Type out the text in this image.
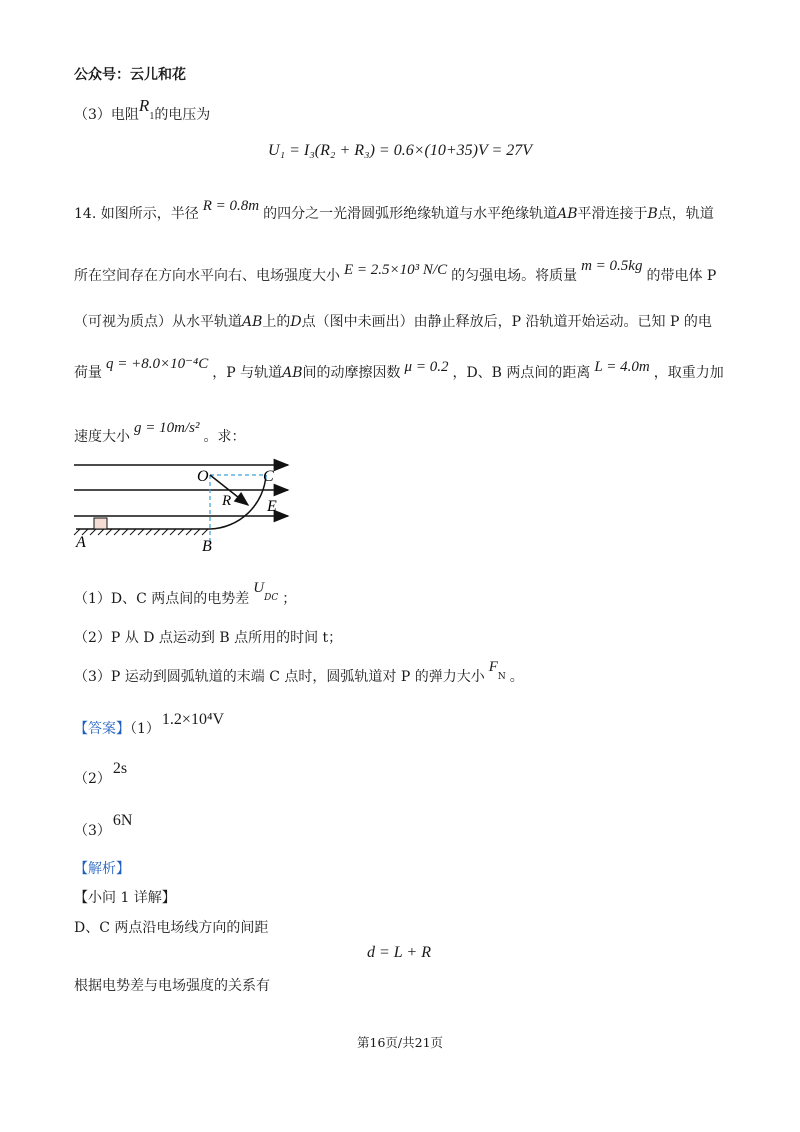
公众号：云儿和花
（3）电阻$R_1$的电压为
U₁ = I₃(R₂ + R₃) = 0.6×(10+35)V = 27V
14. 如图所示，半径 R = 0.8m 的四分之一光滑圆弧形绝缘轨道与水平绝缘轨道AB平滑连接于B点，轨道
所在空间存在方向水平向右、电场强度大小 E = 2.5×10³ N/C 的匀强电场。将质量m = 0.5kg的带电体 P
（可视为质点）从水平轨道AB上的D点（图中未画出）由静止释放后，P 沿轨道开始运动。已知 P 的电
荷量q = +8.0×10⁻⁴C，P 与轨道AB间的动摩擦因数 μ = 0.2 ，D、B 两点间的距离 L = 4.0m ，取重力加
速度大小g = 10m/s²。求：
O	C
R E
A	B
（1）D、C 两点间的电势差$U_{DC}$ ；
（2）P 从 D 点运动到 B 点所用的时间 t；
（3）P 运动到圆弧轨道的末端 C 点时，圆弧轨道对 P 的弹力大小$F_N$ 。
【答案】（1）1.2×10⁴V
（2）2s
（3）6N
【解析】
【小问 1 详解】
D、C 两点沿电场线方向的间距
d = L + R
根据电势差与电场强度的关系有
第16页/共21页
